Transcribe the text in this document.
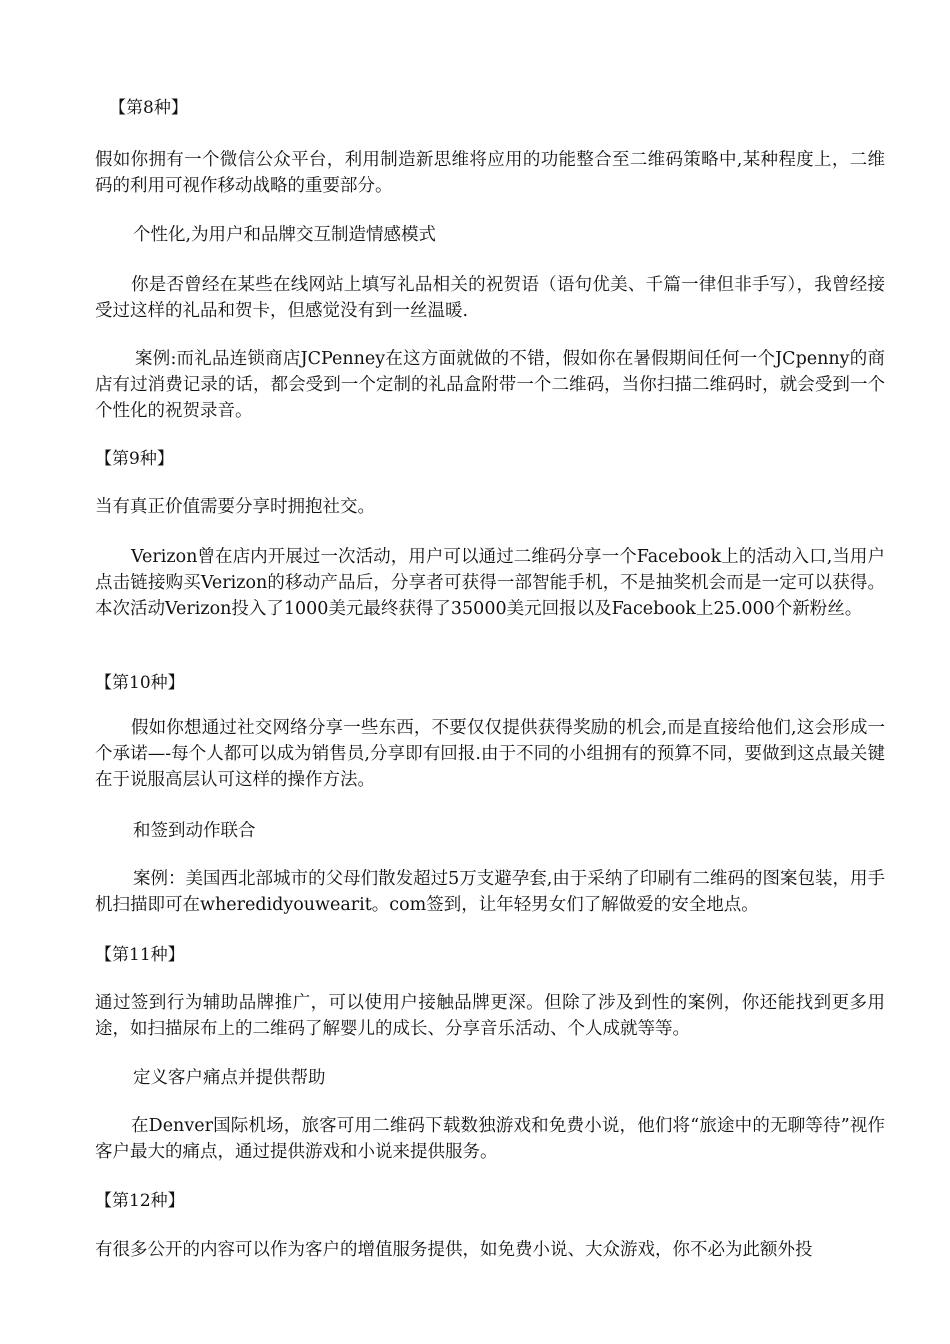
【第8种】

假如你拥有一个微信公众平台，利用制造新思维将应用的功能整合至二维码策略中,某种程度上，二维码的利用可视作移动战略的重要部分。

个性化,为用户和品牌交互制造情感模式

你是否曾经在某些在线网站上填写礼品相关的祝贺语（语句优美、千篇一律但非手写），我曾经接受过这样的礼品和贺卡，但感觉没有到一丝温暖.

案例:而礼品连锁商店JCPenney在这方面就做的不错，假如你在暑假期间任何一个JCpenny的商店有过消费记录的话，都会受到一个定制的礼品盒附带一个二维码，当你扫描二维码时，就会受到一个个性化的祝贺录音。

【第9种】

当有真正价值需要分享时拥抱社交。

Verizon曾在店内开展过一次活动，用户可以通过二维码分享一个Facebook上的活动入口,当用户点击链接购买Verizon的移动产品后，分享者可获得一部智能手机，不是抽奖机会而是一定可以获得。本次活动Verizon投入了1000美元最终获得了35000美元回报以及Facebook上25.000个新粉丝。

【第10种】

假如你想通过社交网络分享一些东西，不要仅仅提供获得奖励的机会,而是直接给他们,这会形成一个承诺—-每个人都可以成为销售员,分享即有回报.由于不同的小组拥有的预算不同，要做到这点最关键在于说服高层认可这样的操作方法。

和签到动作联合

案例：美国西北部城市的父母们散发超过5万支避孕套,由于采纳了印刷有二维码的图案包装，用手机扫描即可在wheredidyouwearit。com签到，让年轻男女们了解做爱的安全地点。

【第11种】

通过签到行为辅助品牌推广，可以使用户接触品牌更深。但除了涉及到性的案例，你还能找到更多用途，如扫描尿布上的二维码了解婴儿的成长、分享音乐活动、个人成就等等。

定义客户痛点并提供帮助

在Denver国际机场，旅客可用二维码下载数独游戏和免费小说，他们将“旅途中的无聊等待”视作客户最大的痛点，通过提供游戏和小说来提供服务。

【第12种】

有很多公开的内容可以作为客户的增值服务提供，如免费小说、大众游戏，你不必为此额外投
